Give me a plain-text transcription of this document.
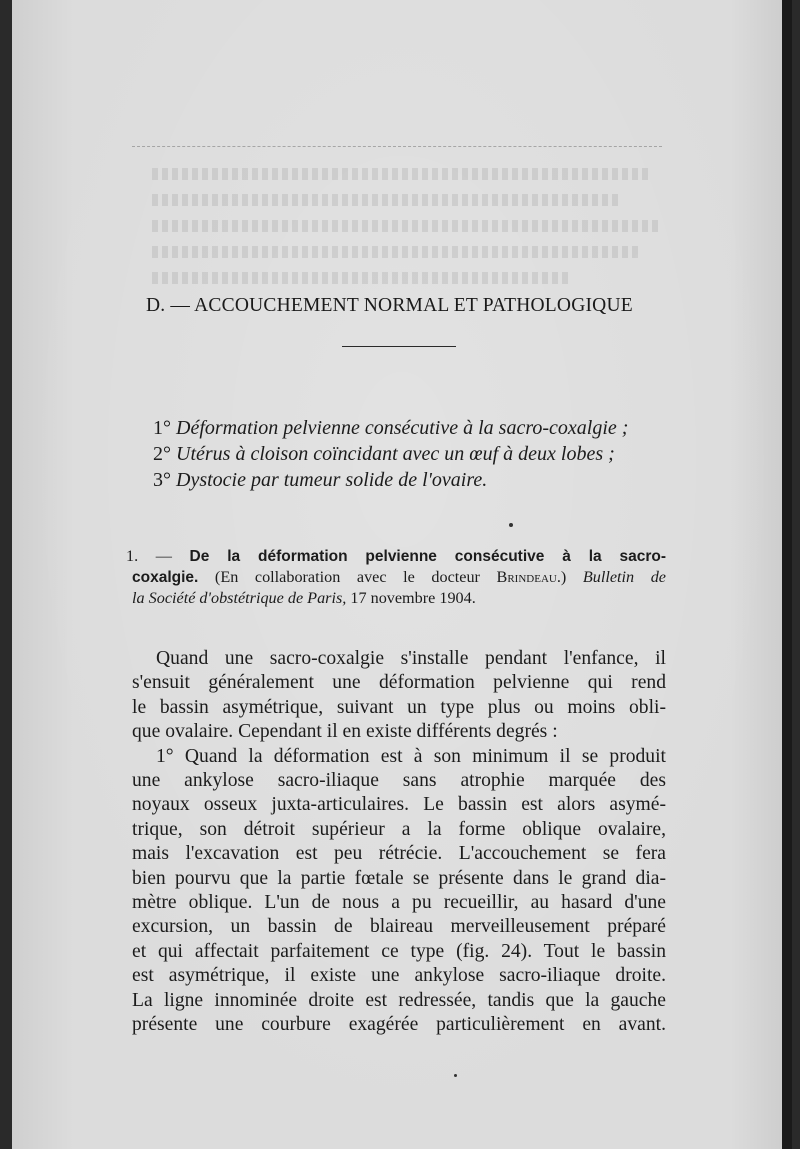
D. — ACCOUCHEMENT NORMAL ET PATHOLOGIQUE
1° Déformation pelvienne consécutive à la sacro-coxalgie ;
2° Utérus à cloison coïncidant avec un œuf à deux lobes ;
3° Dystocie par tumeur solide de l'ovaire.
1. — De la déformation pelvienne consécutive à la sacro-
coxalgie. (En collaboration avec le docteur Brindeau.) Bulletin de
la Société d'obstétrique de Paris, 17 novembre 1904.
Quand une sacro-coxalgie s'installe pendant l'enfance, il
s'ensuit généralement une déformation pelvienne qui rend
le bassin asymétrique, suivant un type plus ou moins obli-
que ovalaire. Cependant il en existe différents degrés :
1° Quand la déformation est à son minimum il se produit
une ankylose sacro-iliaque sans atrophie marquée des
noyaux osseux juxta-articulaires. Le bassin est alors asymé-
trique, son détroit supérieur a la forme oblique ovalaire,
mais l'excavation est peu rétrécie. L'accouchement se fera
bien pourvu que la partie fœtale se présente dans le grand dia-
mètre oblique. L'un de nous a pu recueillir, au hasard d'une
excursion, un bassin de blaireau merveilleusement préparé
et qui affectait parfaitement ce type (fig. 24). Tout le bassin
est asymétrique, il existe une ankylose sacro-iliaque droite.
La ligne innominée droite est redressée, tandis que la gauche
présente une courbure exagérée particulièrement en avant.
